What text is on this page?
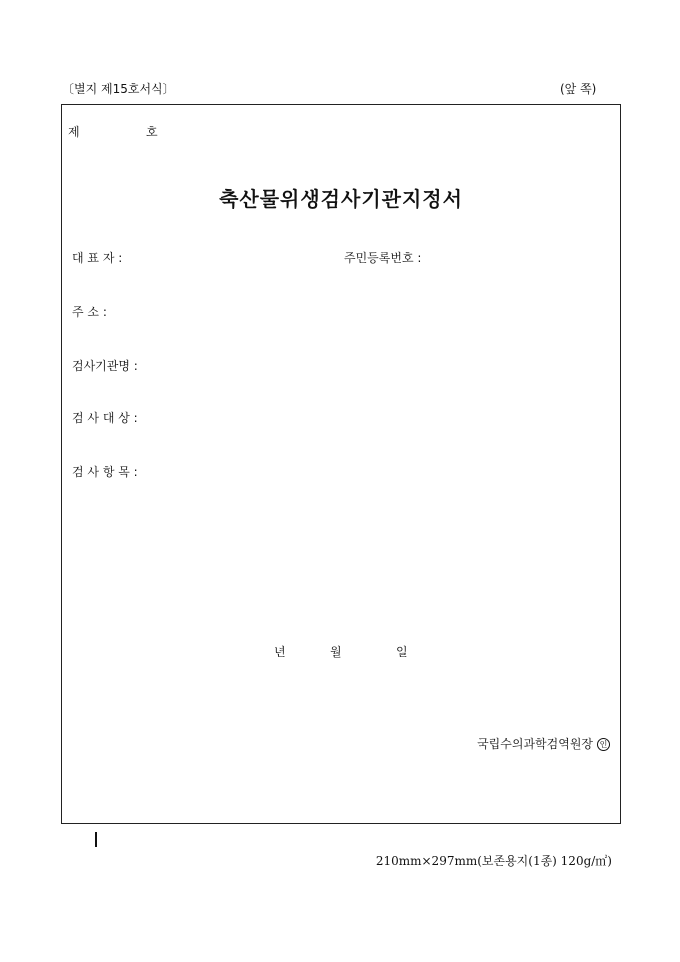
〔별지 제15호서식〕	(앞 쪽)
제	호
축산물위생검사기관지정서
대 표 자 :	주민등록번호 :
주 소 :
검사기관명 :
검 사 대 상 :
검 사 항 목 :
년	월	일
국립수의과학검역원장 인
210mm×297mm(보존용지(1종) 120g/㎡)
